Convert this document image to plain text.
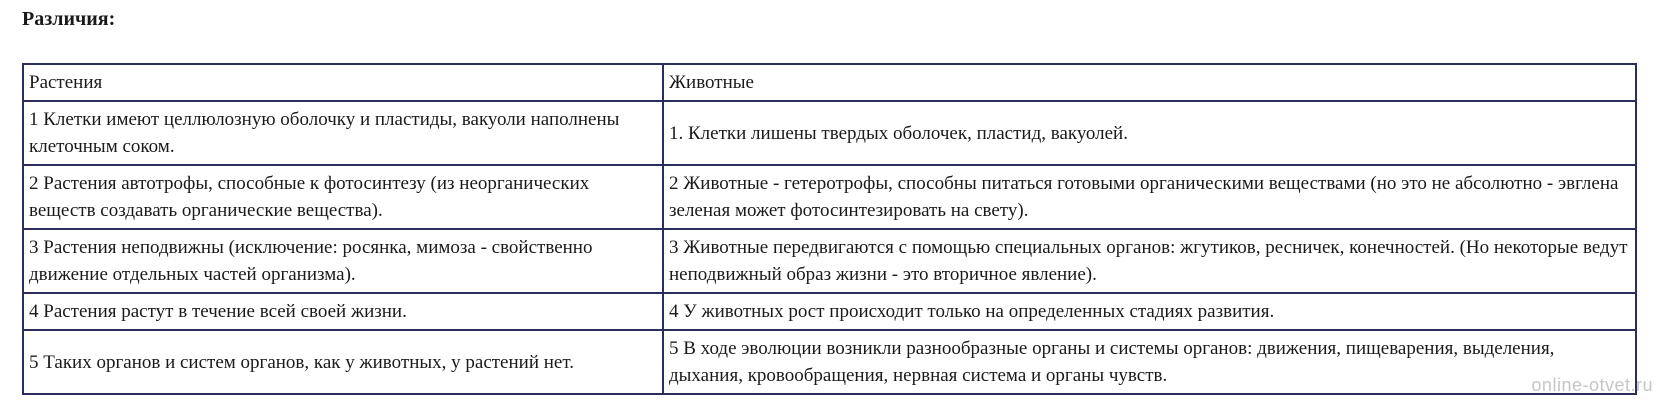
Различия:
Растения	Животные
1 Клетки имеют целлюлозную оболочку и пластиды, вакуоли наполнены клеточным соком.	1. Клетки лишены твердых оболочек, пластид, вакуолей.
2 Растения автотрофы, способные к фотосинтезу (из неорганических веществ создавать органические вещества).	2 Животные - гетеротрофы, способны питаться готовыми органическими веществами (но это не абсолютно - эвглена зеленая может фотосинтезировать на свету).
3 Растения неподвижны (исключение: росянка, мимоза - свойственно движение отдельных частей организма).	3 Животные передвигаются с помощью специальных органов: жгутиков, ресничек, конечностей. (Но некоторые ведут неподвижный образ жизни - это вторичное явление).
4 Растения растут в течение всей своей жизни.	4 У животных рост происходит только на определенных стадиях развития.
5 Таких органов и систем органов, как у животных, у растений нет.	5 В ходе эволюции возникли разнообразные органы и системы органов: движения, пищеварения, выделения, дыхания, кровообращения, нервная система и органы чувств.	online-otvet.ru
